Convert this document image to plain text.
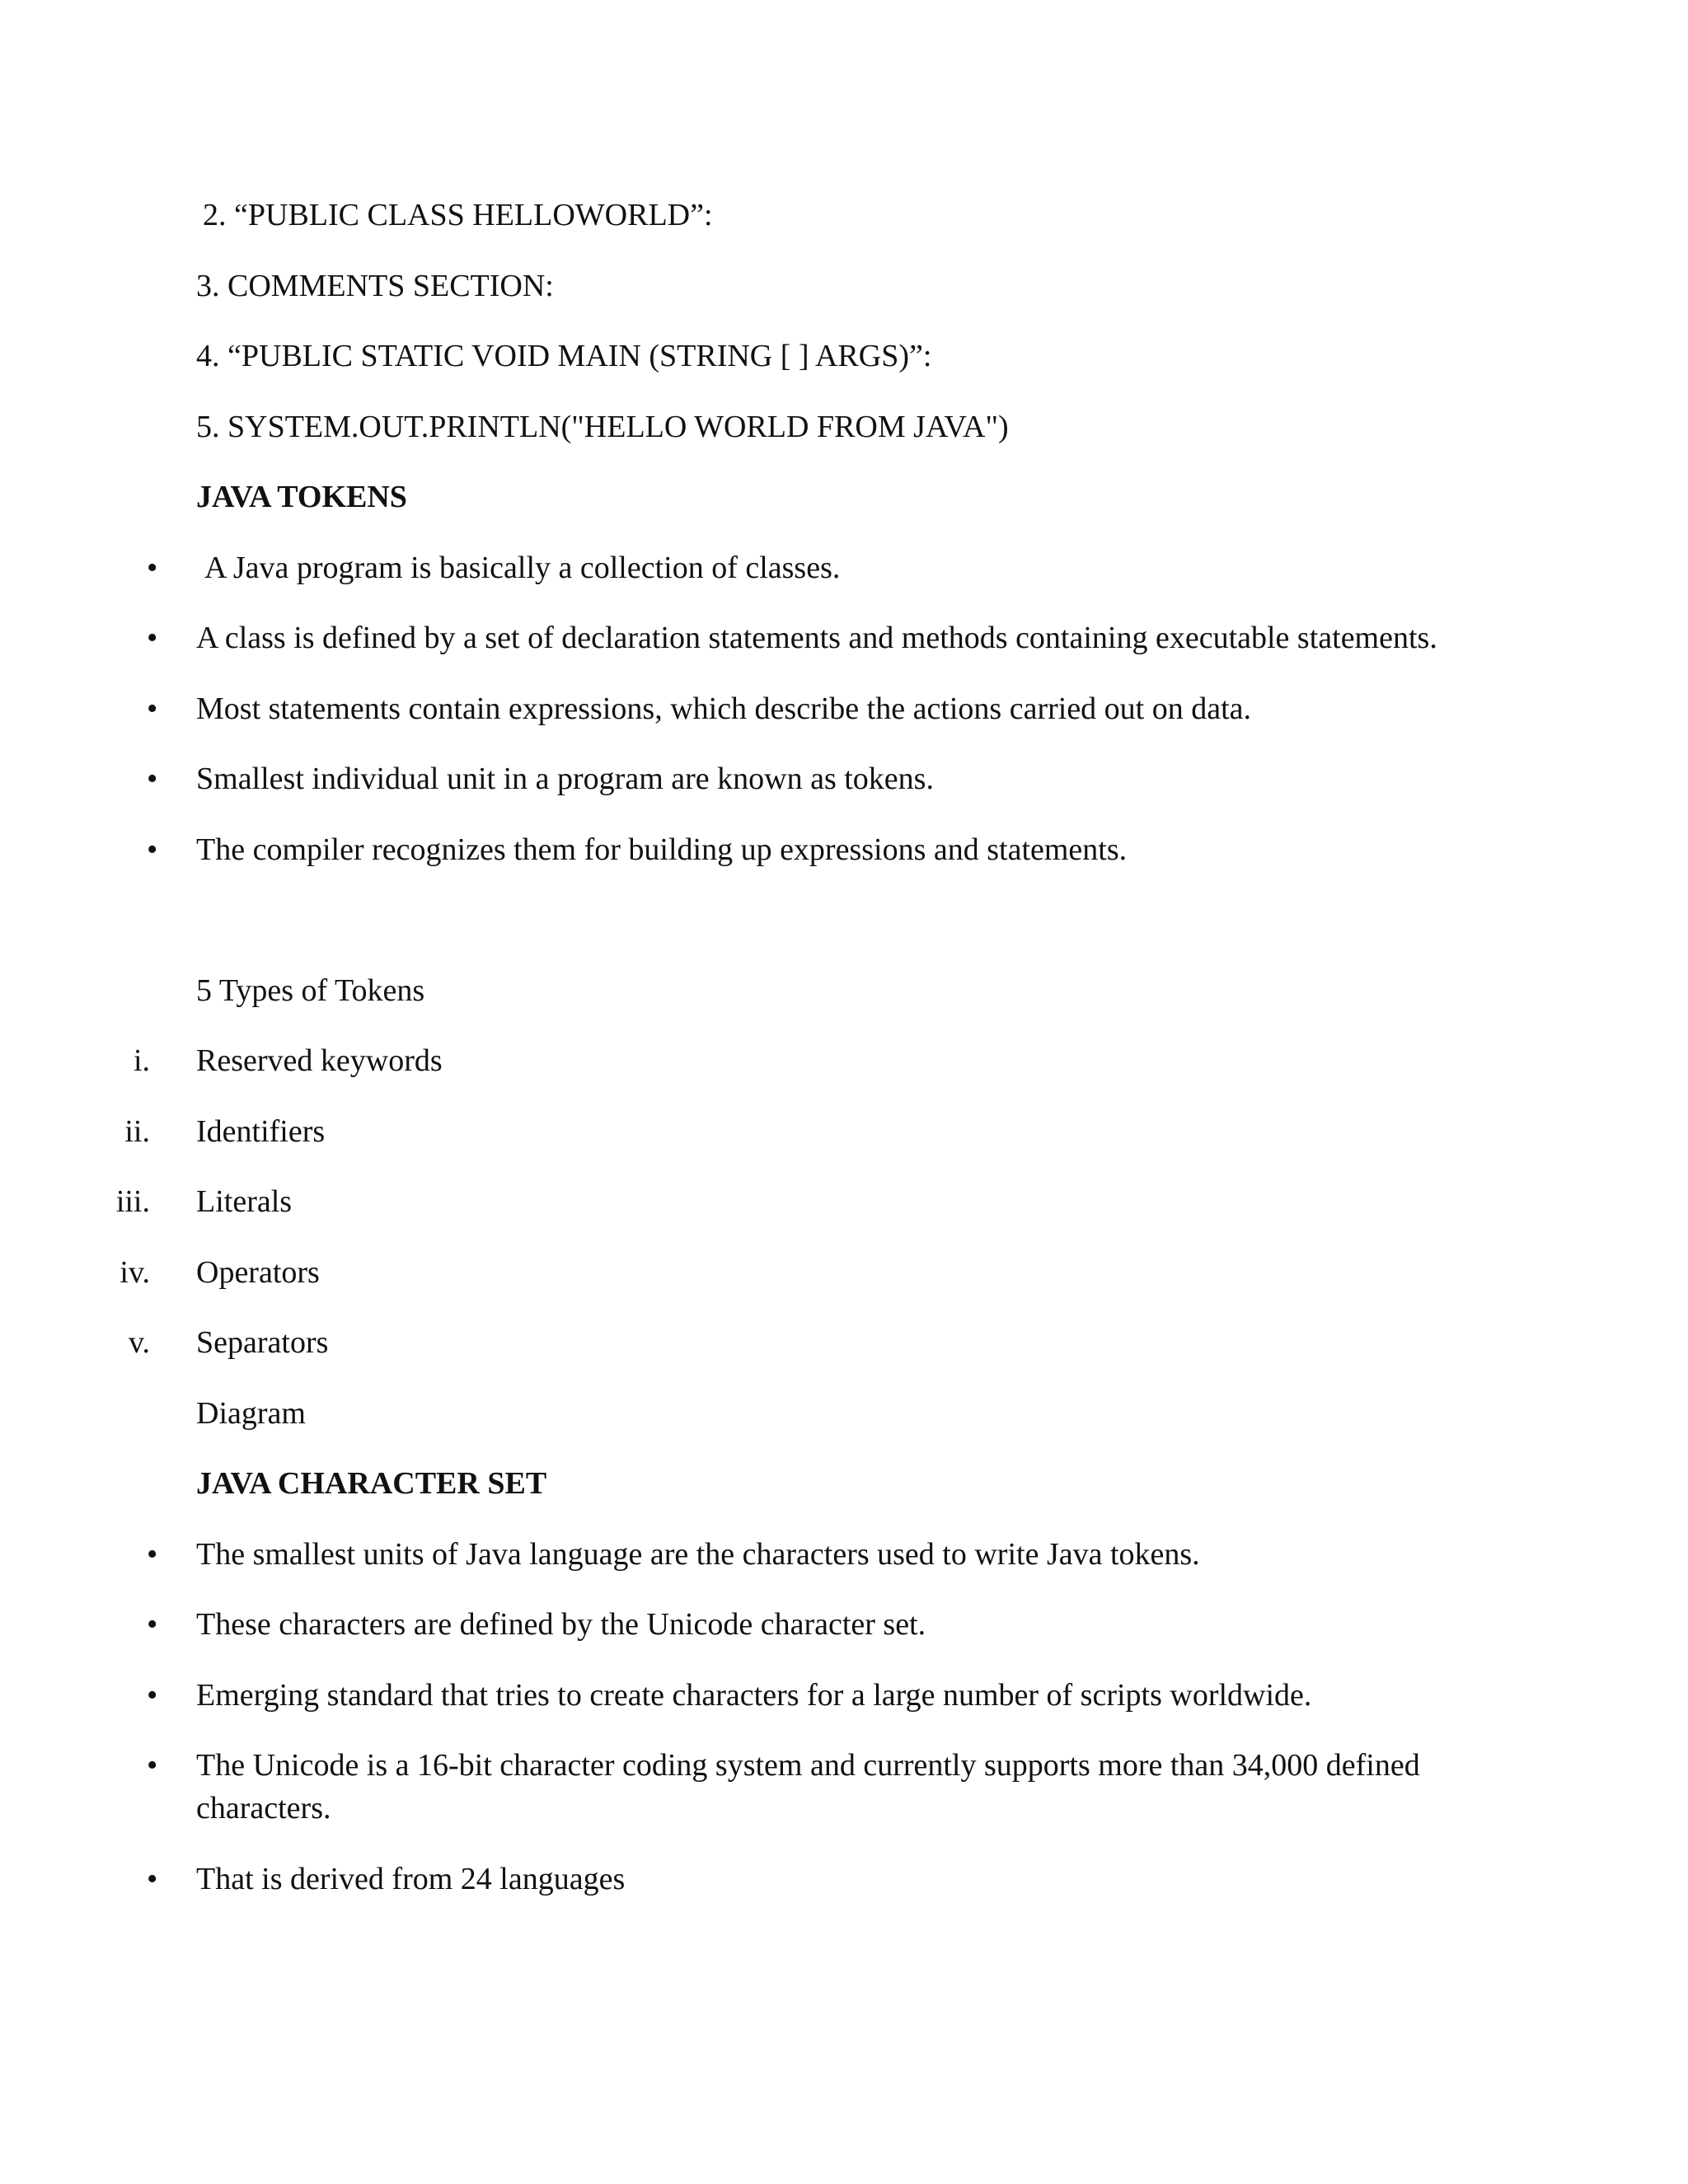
2. “PUBLIC CLASS HELLOWORLD”:
3. COMMENTS SECTION:
4. “PUBLIC STATIC VOID MAIN (STRING [ ] ARGS)”:
5. SYSTEM.OUT.PRINTLN("HELLO WORLD FROM JAVA")
JAVA TOKENS
• A Java program is basically a collection of classes.
• A class is defined by a set of declaration statements and methods containing executable statements.
• Most statements contain expressions, which describe the actions carried out on data.
• Smallest individual unit in a program are known as tokens.
• The compiler recognizes them for building up expressions and statements.
5 Types of Tokens
i. Reserved keywords
ii. Identifiers
iii. Literals
iv. Operators
v. Separators
Diagram
JAVA CHARACTER SET
• The smallest units of Java language are the characters used to write Java tokens.
• These characters are defined by the Unicode character set.
• Emerging standard that tries to create characters for a large number of scripts worldwide.
• The Unicode is a 16-bit character coding system and currently supports more than 34,000 defined characters.
• That is derived from 24 languages
